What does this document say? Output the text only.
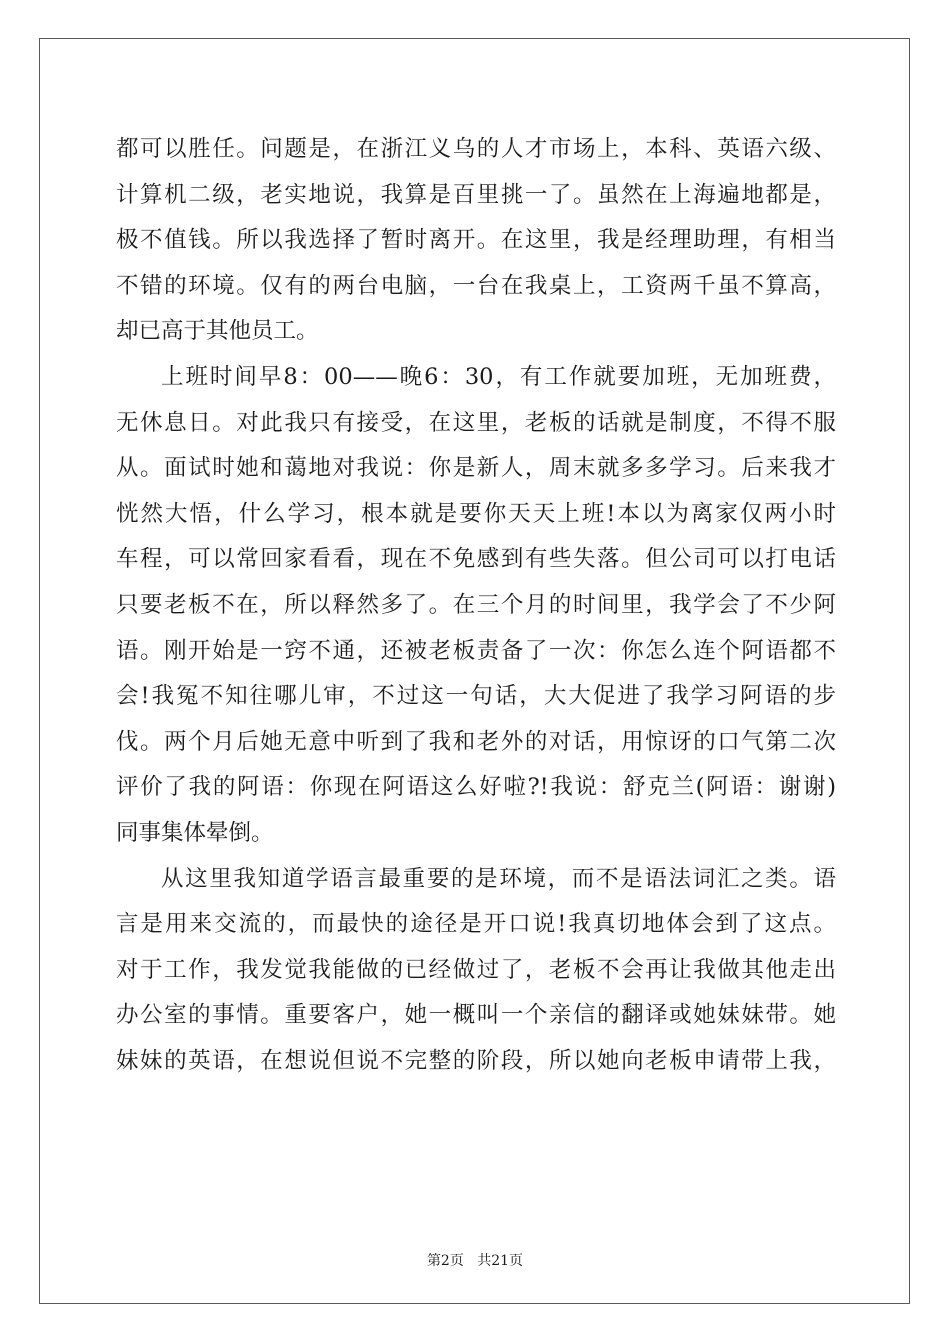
都可以胜任。问题是，在浙江义乌的人才市场上，本科、英语六级、
计算机二级，老实地说，我算是百里挑一了。虽然在上海遍地都是，
极不值钱。所以我选择了暂时离开。在这里，我是经理助理，有相当
不错的环境。仅有的两台电脑，一台在我桌上，工资两千虽不算高，
却已高于其他员工。
上班时间早8：00——晚6：30，有工作就要加班，无加班费，
无休息日。对此我只有接受，在这里，老板的话就是制度，不得不服
从。面试时她和蔼地对我说：你是新人，周末就多多学习。后来我才
恍然大悟，什么学习，根本就是要你天天上班!本以为离家仅两小时
车程，可以常回家看看，现在不免感到有些失落。但公司可以打电话
只要老板不在，所以释然多了。在三个月的时间里，我学会了不少阿
语。刚开始是一窍不通，还被老板责备了一次：你怎么连个阿语都不
会!我冤不知往哪儿审，不过这一句话，大大促进了我学习阿语的步
伐。两个月后她无意中听到了我和老外的对话，用惊讶的口气第二次
评价了我的阿语：你现在阿语这么好啦?!我说：舒克兰(阿语：谢谢)
同事集体晕倒。
从这里我知道学语言最重要的是环境，而不是语法词汇之类。语
言是用来交流的，而最快的途径是开口说!我真切地体会到了这点。
对于工作，我发觉我能做的已经做过了，老板不会再让我做其他走出
办公室的事情。重要客户，她一概叫一个亲信的翻译或她妹妹带。她
妹妹的英语，在想说但说不完整的阶段，所以她向老板申请带上我，
第2页 共21页
